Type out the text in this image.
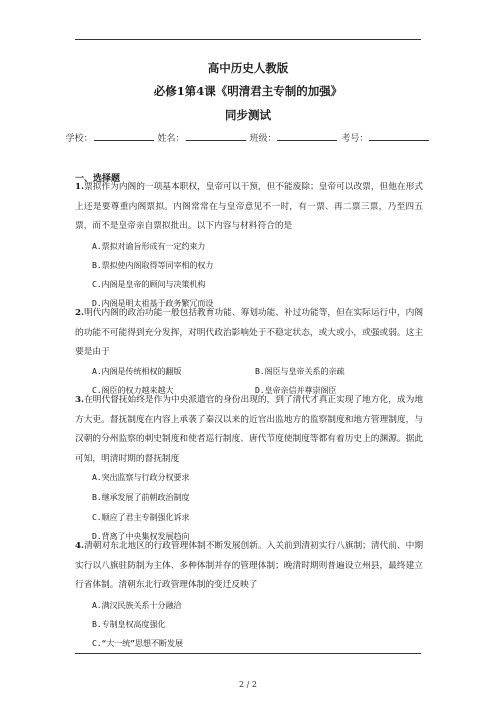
高中历史人教版
必修1第4课《明清君主专制的加强》
同步测试
学校：	姓名：	班级：	考号：
一、选择题
1.票拟作为内阁的一项基本职权，皇帝可以干预，但不能废除；皇帝可以改票，但他在形式上还是要尊重内阁票拟。内阁常常在与皇帝意见不一时，有一票、再二票三票，乃至四五票，而不是皇帝亲自票拟批出。以下内容与材料符合的是
A.票拟对谕旨形成有一定约束力
B.票拟使内阁取得等同宰相的权力
C.内阁是皇帝的顾问与决策机构
D.内阁是明太祖基于政务繁冗而设
2.明代内阁的政治功能一般包括教育功能、筹划功能、补过功能等，但在实际运行中，内阁的功能不可能得到充分发挥，对明代政治影响处于不稳定状态，或大或小，或强或弱。这主要是由于
A.内阁是传统相权的翻版	B.阁臣与皇帝关系的亲疏
C.阁臣的权力越来越大	D.皇帝亲信并尊崇阁臣
3.在明代督抚始终是作为中央派遣官的身份出现的，到了清代才真正实现了地方化，成为地方大吏。督抚制度在内容上承袭了秦汉以来的近官出监地方的监察制度和地方管理制度，与汉朝的分州监察的刺史制度和使者巡行制度、唐代节度使制度等都有着历史上的渊源。据此可知，明清时期的督抚制度
A.突出监察与行政分权要求
B.继承发展了前朝政治制度
C.顺应了君主专制强化诉求
D.背离了中央集权发展趋向
4.清朝对东北地区的行政管理体制不断发展创新。入关前到清初实行八旗制；清代前、中期实行以八旗驻防制为主体、多种体制并存的管理体制；晚清时期则普遍设立州县，最终建立行省体制。清朝东北行政管理体制的变迁反映了
A.满汉民族关系十分融洽
B.专制皇权高度强化
C.“大一统”思想不断发展
2 / 2
